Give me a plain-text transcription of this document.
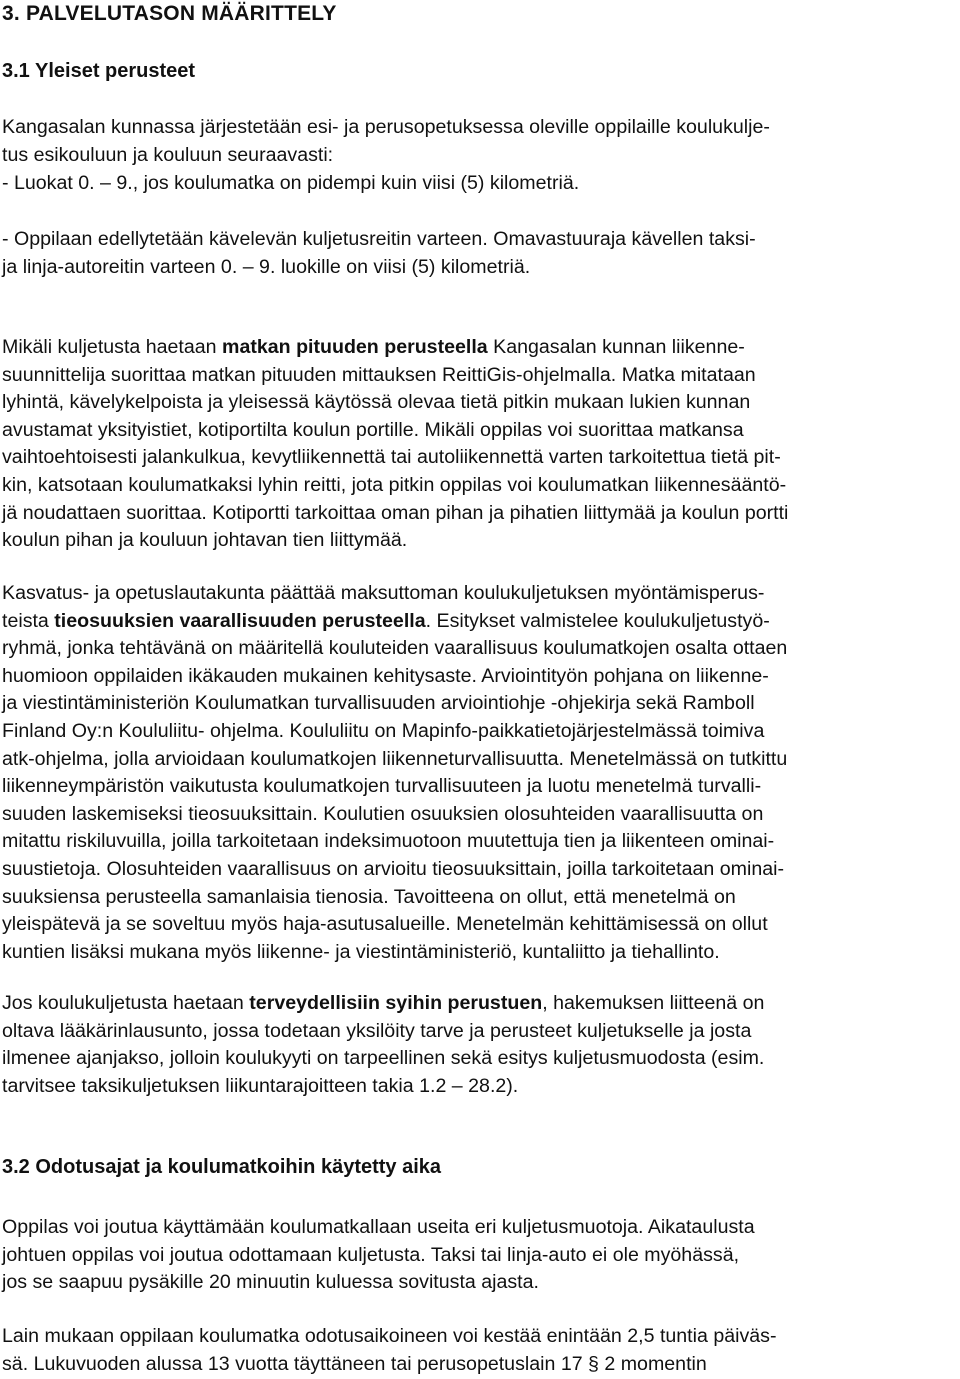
3. PALVELUTASON MÄÄRITTELY
3.1 Yleiset perusteet

Kangasalan kunnassa järjestetään esi- ja perusopetuksessa oleville oppilaille koulukulje-
tus esikouluun ja kouluun seuraavasti:

- Luokat 0. – 9., jos koulumatka on pidempi kuin viisi (5) kilometriä.

- Oppilaan edellytetään kävelevän kuljetusreitin varteen. Omavastuuraja kävellen taksi-
ja linja-autoreitin varteen 0. – 9. luokille on viisi (5) kilometriä.

Mikäli kuljetusta haetaan matkan pituuden perusteella Kangasalan kunnan liikenne-
suunnittelija suorittaa matkan pituuden mittauksen ReittiGis-ohjelmalla. Matka mitataan
lyhintä, kävelykelpoista ja yleisessä käytössä olevaa tietä pitkin mukaan lukien kunnan
avustamat yksityistiet, kotiportilta koulun portille. Mikäli oppilas voi suorittaa matkansa
vaihtoehtoisesti jalankulkua, kevytliikennettä tai autoliikennettä varten tarkoitettua tietä pit-
kin, katsotaan koulumatkaksi lyhin reitti, jota pitkin oppilas voi koulumatkan liikennesääntö-
jä noudattaen suorittaa. Kotiportti tarkoittaa oman pihan ja pihatien liittymää ja koulun portti
koulun pihan ja kouluun johtavan tien liittymää.

Kasvatus- ja opetuslautakunta päättää maksuttoman koulukuljetuksen myöntämisperus-
teista tieosuuksien vaarallisuuden perusteella. Esitykset valmistelee koulukuljetustyö-
ryhmä, jonka tehtävänä on määritellä kouluteiden vaarallisuus koulumatkojen osalta ottaen
huomioon oppilaiden ikäkauden mukainen kehitysaste. Arviointityön pohjana on liikenne-
ja viestintäministeriön Koulumatkan turvallisuuden arviointiohje -ohjekirja sekä Ramboll
Finland Oy:n Koululiitu- ohjelma. Koululiitu on Mapinfo-paikkatietojärjestelmässä toimiva
atk-ohjelma, jolla arvioidaan koulumatkojen liikenneturvallisuutta. Menetelmässä on tutkittu
liikenneympäristön vaikutusta koulumatkojen turvallisuuteen ja luotu menetelmä turvalli-
suuden laskemiseksi tieosuuksittain. Koulutien osuuksien olosuhteiden vaarallisuutta on
mitattu riskiluvuilla, joilla tarkoitetaan indeksimuotoon muutettuja tien ja liikenteen ominai-
suustietoja. Olosuhteiden vaarallisuus on arvioitu tieosuuksittain, joilla tarkoitetaan ominai-
suuksiensa perusteella samanlaisia tienosia. Tavoitteena on ollut, että menetelmä on
yleispätevä ja se soveltuu myös haja-asutusalueille. Menetelmän kehittämisessä on ollut
kuntien lisäksi mukana myös liikenne- ja viestintäministeriö, kuntaliitto ja tiehallinto.

Jos koulukuljetusta haetaan terveydellisiin syihin perustuen, hakemuksen liitteenä on
oltava lääkärinlausunto, jossa todetaan yksilöity tarve ja perusteet kuljetukselle ja josta
ilmenee ajanjakso, jolloin koulukyyti on tarpeellinen sekä esitys kuljetusmuodosta (esim.
tarvitsee taksikuljetuksen liikuntarajoitteen takia 1.2 – 28.2).

3.2 Odotusajat ja koulumatkoihin käytetty aika

Oppilas voi joutua käyttämään koulumatkallaan useita eri kuljetusmuotoja. Aikataulusta
johtuen oppilas voi joutua odottamaan kuljetusta. Taksi tai linja-auto ei ole myöhässä,
jos se saapuu pysäkille 20 minuutin kuluessa sovitusta ajasta.

Lain mukaan oppilaan koulumatka odotusaikoineen voi kestää enintään 2,5 tuntia päiväs-
sä. Lukuvuoden alussa 13 vuotta täyttäneen tai perusopetuslain 17 § 2 momentin
